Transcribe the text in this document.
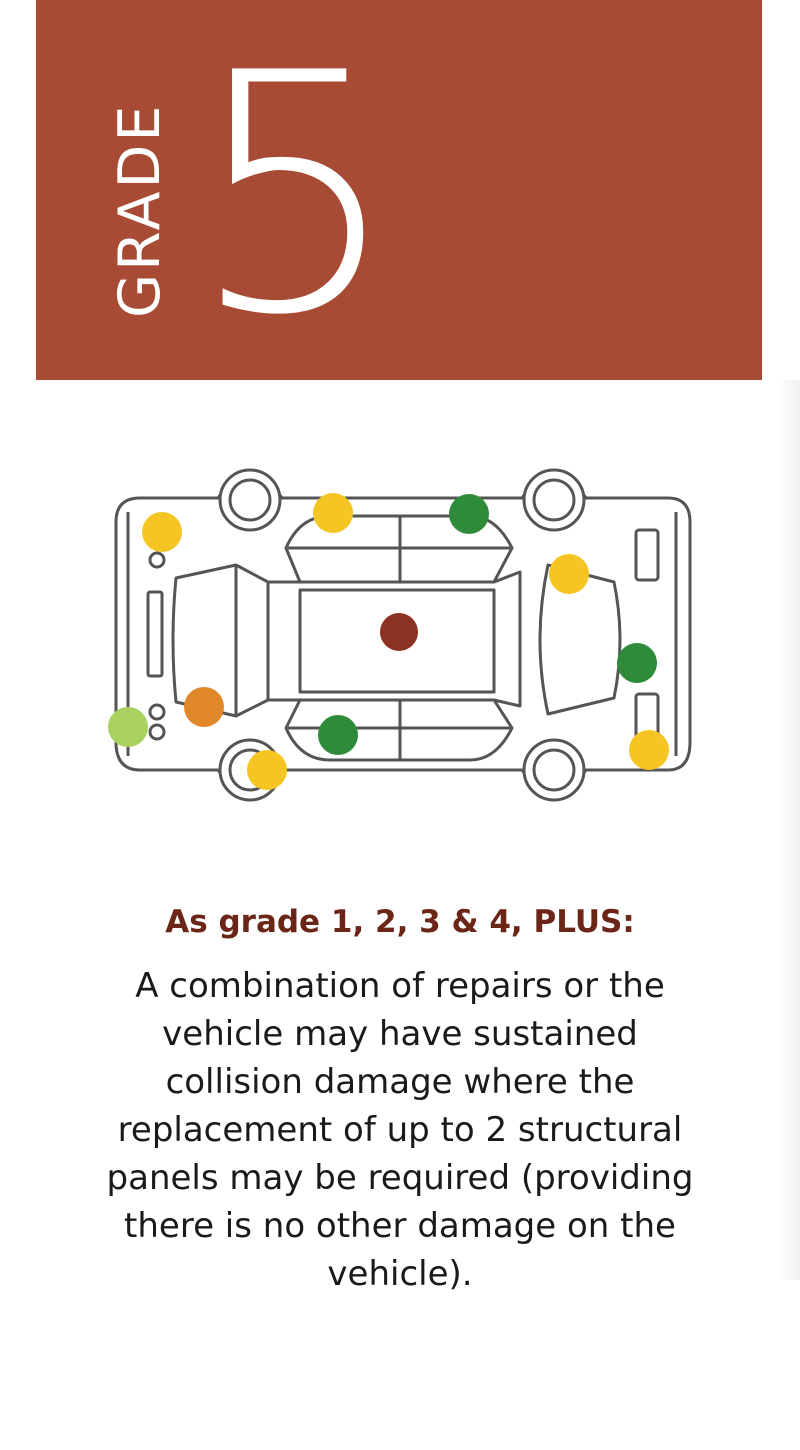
GRADE 5
As grade 1, 2, 3 & 4, PLUS:
A combination of repairs or the vehicle may have sustained collision damage where the replacement of up to 2 structural panels may be required (providing there is no other damage on the vehicle).
